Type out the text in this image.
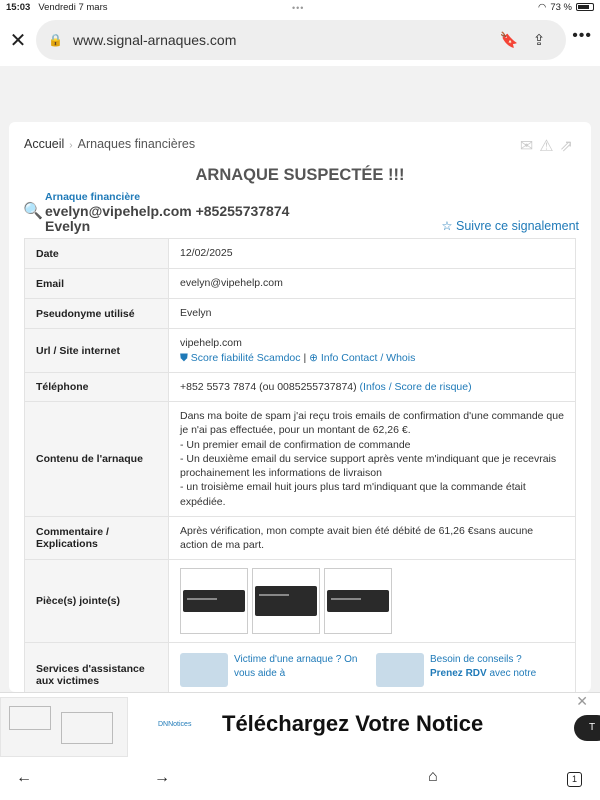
15:03 Vendredi 7 mars	•••	◠ 73 %
✕	🔒 www.signal-arnaques.com	🔖 ⇪	•••
Accueil › Arnaques financières	✉ ⚠ ⇗
ARNAQUE SUSPECTÉE !!!
🔍
Arnaque financière
evelyn@vipehelp.com +85255737874
Evelyn	☆ Suivre ce signalement
Date	12/02/2025
Email	evelyn@vipehelp.com
Pseudonyme utilisé	Evelyn
Url / Site internet	vipehelp.com
⛊ Score fiabilité Scamdoc | ⊕ Info Contact / Whois

Téléphone	+852 5573 7874 (ou 0085255737874) (Infos / Score de risque)
Contenu de l'arnaque	Dans ma boite de spam j'ai reçu trois emails de confirmation d'une commande que je n'ai pas effectuée, pour un montant de 62,26 €.
- Un premier email de confirmation de commande
- Un deuxième email du service support après vente m'indiquant que je recevrais prochainement les informations de livraison
- un troisième email huit jours plus tard m'indiquant que la commande était expédiée.

Commentaire / Explications	Après vérification, mon compte avait bien été débité de 61,26 €sans aucune action de ma part.
Pièce(s) jointe(s)	

Services d'assistance aux victimes	Victime d'une arnaque ? On vous aide à
Besoin de conseils ?
Prenez RDV avec notre
DNNotices Téléchargez Votre Notice
✕
T
←	→	⌂	1
